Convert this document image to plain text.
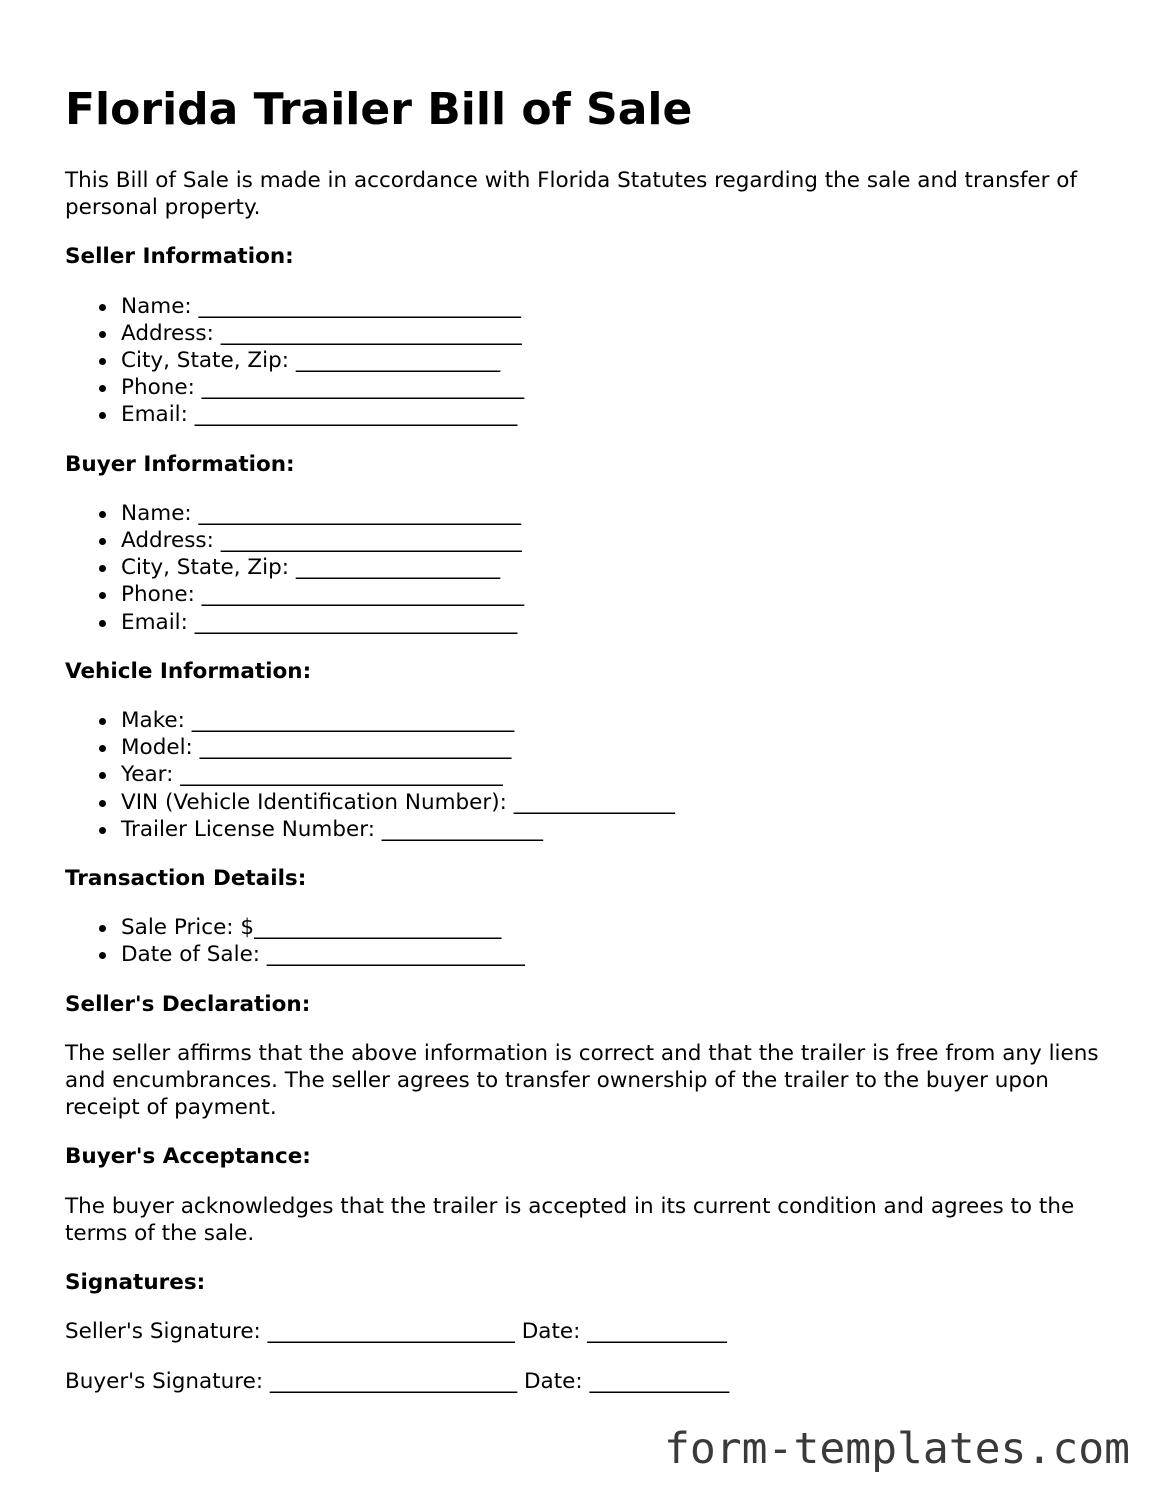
Florida Trailer Bill of Sale

This Bill of Sale is made in accordance with Florida Statutes regarding the sale and transfer of personal property.

Seller Information:

Name: ______________________________
Address: ____________________________
City, State, Zip: ___________________
Phone: ______________________________
Email: ______________________________

Buyer Information:

Name: ______________________________
Address: ____________________________
City, State, Zip: ___________________
Phone: ______________________________
Email: ______________________________

Vehicle Information:

Make: ______________________________
Model: _____________________________
Year: ______________________________
VIN (Vehicle Identification Number): _______________
Trailer License Number: _______________

Transaction Details:

Sale Price: $_______________________
Date of Sale: ________________________

Seller's Declaration:

The seller affirms that the above information is correct and that the trailer is free from any liens and encumbrances. The seller agrees to transfer ownership of the trailer to the buyer upon receipt of payment.

Buyer's Acceptance:

The buyer acknowledges that the trailer is accepted in its current condition and agrees to the terms of the sale.

Signatures:

Seller's Signature: _______________________ Date: _____________

Buyer's Signature: _______________________ Date: _____________

form-templates.com
